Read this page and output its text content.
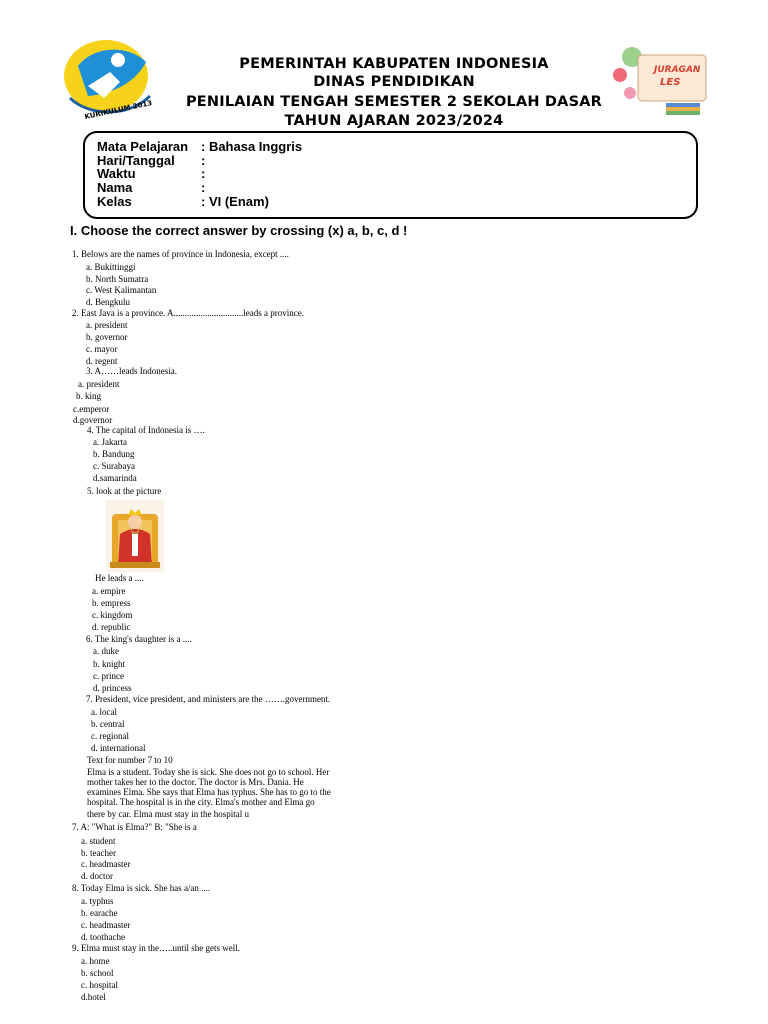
KURIKULUM 2013
PEMERINTAH KABUPATEN INDONESIA
DINAS PENDIDIKAN
PENILAIAN TENGAH SEMESTER 2 SEKOLAH DASAR
TAHUN AJARAN 2023/2024
JURAGAN
LES
Mata Pelajaran : Bahasa Inggris
Hari/Tanggal :
Waktu	:
Nama	:
Kelas	: VI (Enam)
I. Choose the correct answer by crossing (x) a, b, c, d !
1. Belows are the names of province in Indonesia, except ....
a. Bukittinggi
b. North Sumatra
c. West Kalimantan
d. Bengkulu
2. East Java is a province. A...............................leads a province.
a. president
b. governor
c. mayor
d. regent
3. A……leads Indonesia.
a. president
b. king
c.emperor
d.governor
4. The capital of Indonesia is ….
a. Jakarta
b. Bandung
c. Surabaya
d.samarinda
5. look at the picture
He leads a ....
a. empire
b. empress
c. kingdom
d. republic
6. The king's daughter is a ....
a. duke
b. knight
c. prince
d. princess
7. President, vice president, and ministers are the …….government.
a. local
b. central
c. regional
d. international
Text for number 7 to 10
Elma is a student. Today she is sick. She does not go to school. Her
mother takes her to the doctor. The doctor is Mrs. Dania. He
examines Elma. She says that Elma has typhus. She has to go to the
hospital. The hospital is in the city. Elma's mother and Elma go
there by car. Elma must stay in the hospital u
7. A: "What is Elma?" B: "She is a
a. student
b. teacher
c. headmaster
d. doctor
8. Today Elma is sick. She has a/an ....
a. typhus
b. earache
c. headmaster
d. toothache
9. Elma must stay in the…..until she gets well.
a. home
b. school
c. hospital
d.hotel
